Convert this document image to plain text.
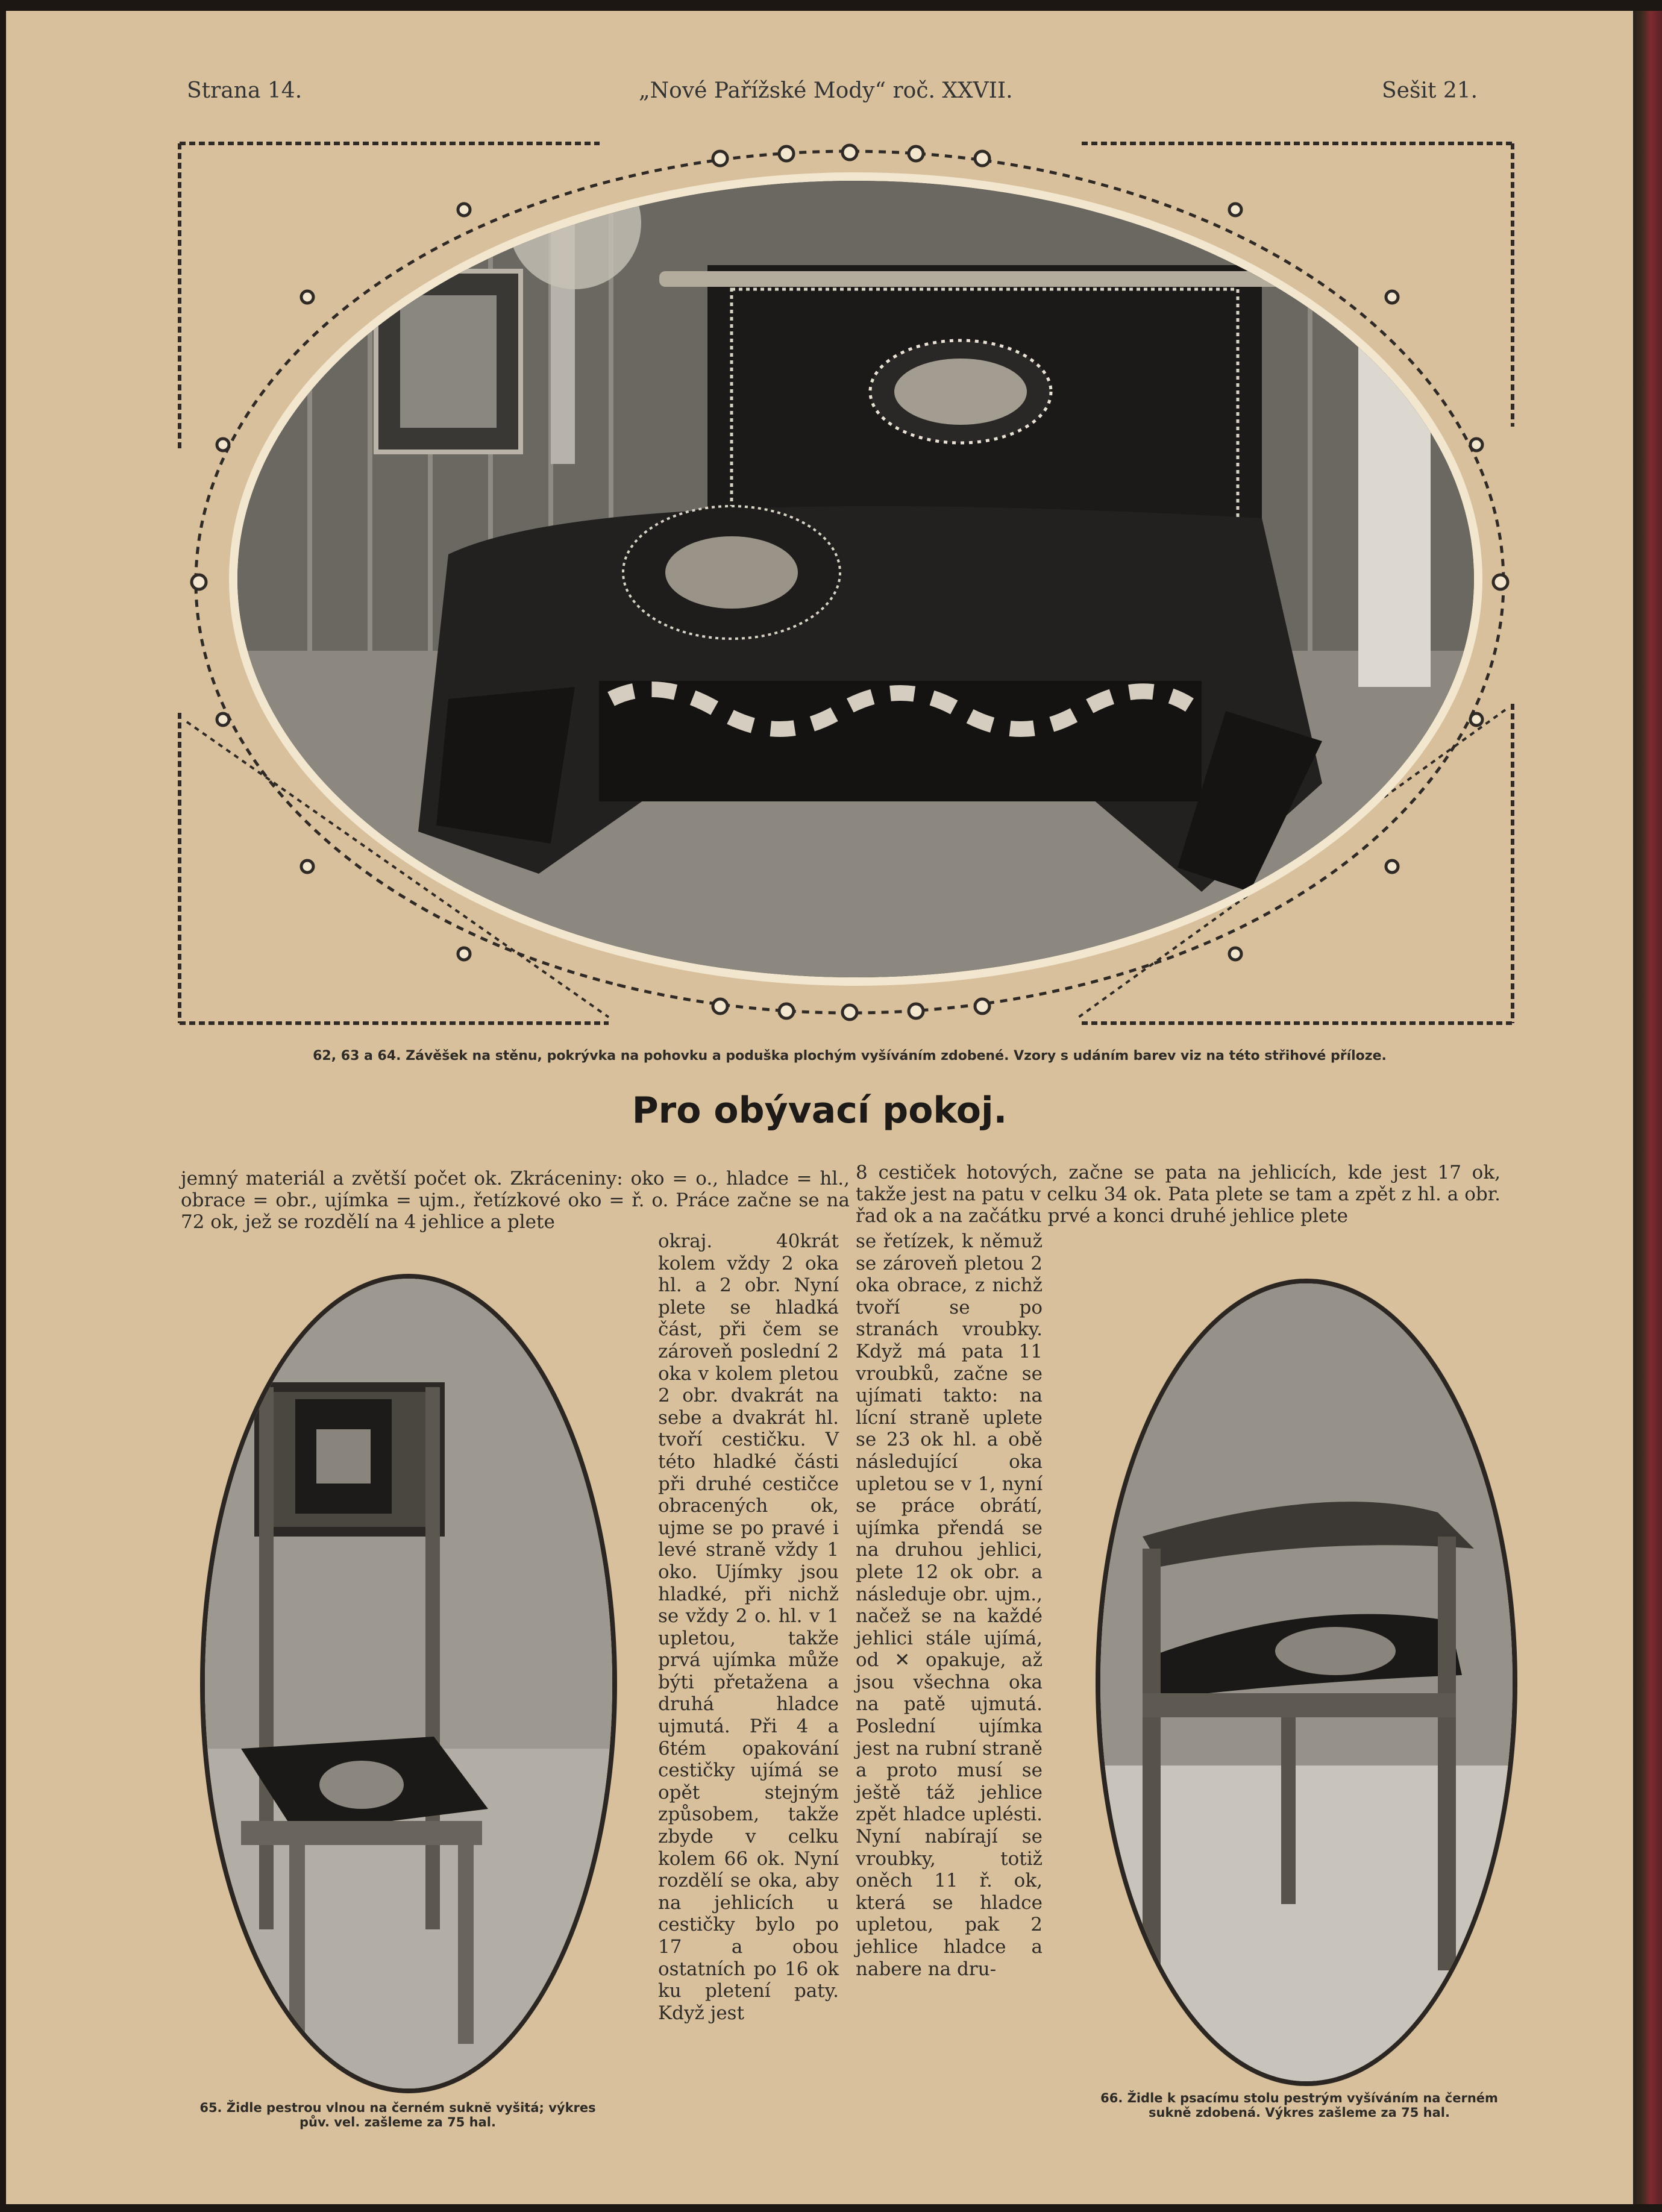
Strana 14.	„Nové Pařížské Mody“ roč. XXVII.	Sešit 21.
62, 63 a 64. Závěšek na stěnu, pokrývka na pohovku a poduška plochým vyšíváním zdobené. Vzory s udáním barev viz na této střihové příloze.
Pro obývací pokoj.
jemný materiál a zvětší počet ok. Zkráceniny: oko = o., hladce = hl., obrace = obr., ujímka = ujm., řetízkové oko = ř. o. Práce začne se na 72 ok, jež se rozdělí na 4 jehlice a plete
8 cestiček hotových, začne se pata na jehlicích, kde jest 17 ok, takže jest na patu v celku 34 ok. Pata plete se tam a zpět z hl. a obr. řad ok a na začátku prvé a konci druhé jehlice plete
okraj. 40krát kolem vždy 2 oka hl. a 2 obr. Nyní plete se hladká část, při čem se zároveň poslední 2 oka v kolem pletou 2 obr. dvakrát na sebe a dvakrát hl. tvoří cestičku. V této hladké části při druhé cestičce obracených ok, ujme se po pravé i levé straně vždy 1 oko. Ujímky jsou hladké, při nichž se vždy 2 o. hl. v 1 upletou, takže prvá ujímka může býti přetažena a druhá hladce ujmutá. Při 4 a 6tém opakování cestičky ujímá se opět stejným způsobem, takže zbyde v celku kolem 66 ok. Nyní rozdělí se oka, aby na jehlicích u cestičky bylo po 17 a obou ostatních po 16 ok ku pletení paty. Když jest
se řetízek, k němuž se zároveň pletou 2 oka obrace, z nichž tvoří se po stranách vroubky. Když má pata 11 vroubků, začne se ujímati takto: na lícní straně uplete se 23 ok hl. a obě následující oka upletou se v 1, nyní se práce obrátí, ujímka přendá se na druhou jehlici, plete 12 ok obr. a následuje obr. ujm., načež se na každé jehlici stále ujímá, od ✕ opakuje, až jsou všechna oka na patě ujmutá. Poslední ujímka jest na rubní straně a proto musí se ještě táž jehlice zpět hladce uplésti. Nyní nabírají se vroubky, totiž oněch 11 ř. ok, která se hladce upletou, pak 2 jehlice hladce a nabere na dru-
65. Židle pestrou vlnou na černém suknĕ vyšitá; výkres
pův. vel. zašleme za 75 hal.
66. Židle k psacímu stolu pestrým vyšíváním na černém
sukně zdobená. Výkres zašleme za 75 hal.
